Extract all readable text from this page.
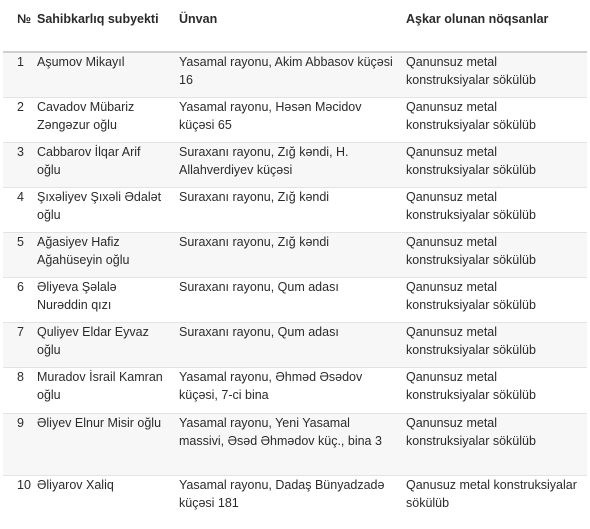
№	Sahibkarlıq subyekti	Ünvan	Aşkar olunan nöqsanlar

1	Aşumov Mikayıl	Yasamal rayonu, Akim Abbasov küçəsi 16	Qanunsuz metal konstruksiyalar sökülüb

2	Cavadov Mübariz Zəngəzur oğlu	Yasamal rayonu, Həsən Məcidov küçəsi 65	Qanunsuz metal konstruksiyalar sökülüb

3	Cabbarov İlqar Arif oğlu	Suraxanı rayonu, Zığ kəndi, H. Allahverdiyev küçəsi	Qanunsuz metal konstruksiyalar sökülüb

4	Şıxəliyev Şıxəli Ədalət oğlu	Suraxanı rayonu, Zığ kəndi	Qanunsuz metal konstruksiyalar sökülüb

5	Ağasiyev Hafiz Ağahüseyin oğlu	Suraxanı rayonu, Zığ kəndi	Qanunsuz metal konstruksiyalar sökülüb

6	Əliyeva Şəlalə Nurəddin qızı	Suraxanı rayonu, Qum adası	Qanunsuz metal konstruksiyalar sökülüb

7	Quliyev Eldar Eyvaz oğlu	Suraxanı rayonu, Qum adası	Qanunsuz metal konstruksiyalar sökülüb

8	Muradov İsrail Kamran oğlu	Yasamal rayonu, Əhməd Əsədov küçəsi, 7-ci bina	Qanunsuz metal konstruksiyalar sökülüb

9	Əliyev Elnur Misir oğlu	Yasamal rayonu, Yeni Yasamal massivi, Əsəd Əhmədov küç., bina 3	Qanunsuz metal konstruksiyalar sökülüb

10	Əliyarov Xaliq	Yasamal rayonu, Dadaş Bünyadzadə küçəsi 181	Qanusuz metal konstruksiyalar sökülüb
